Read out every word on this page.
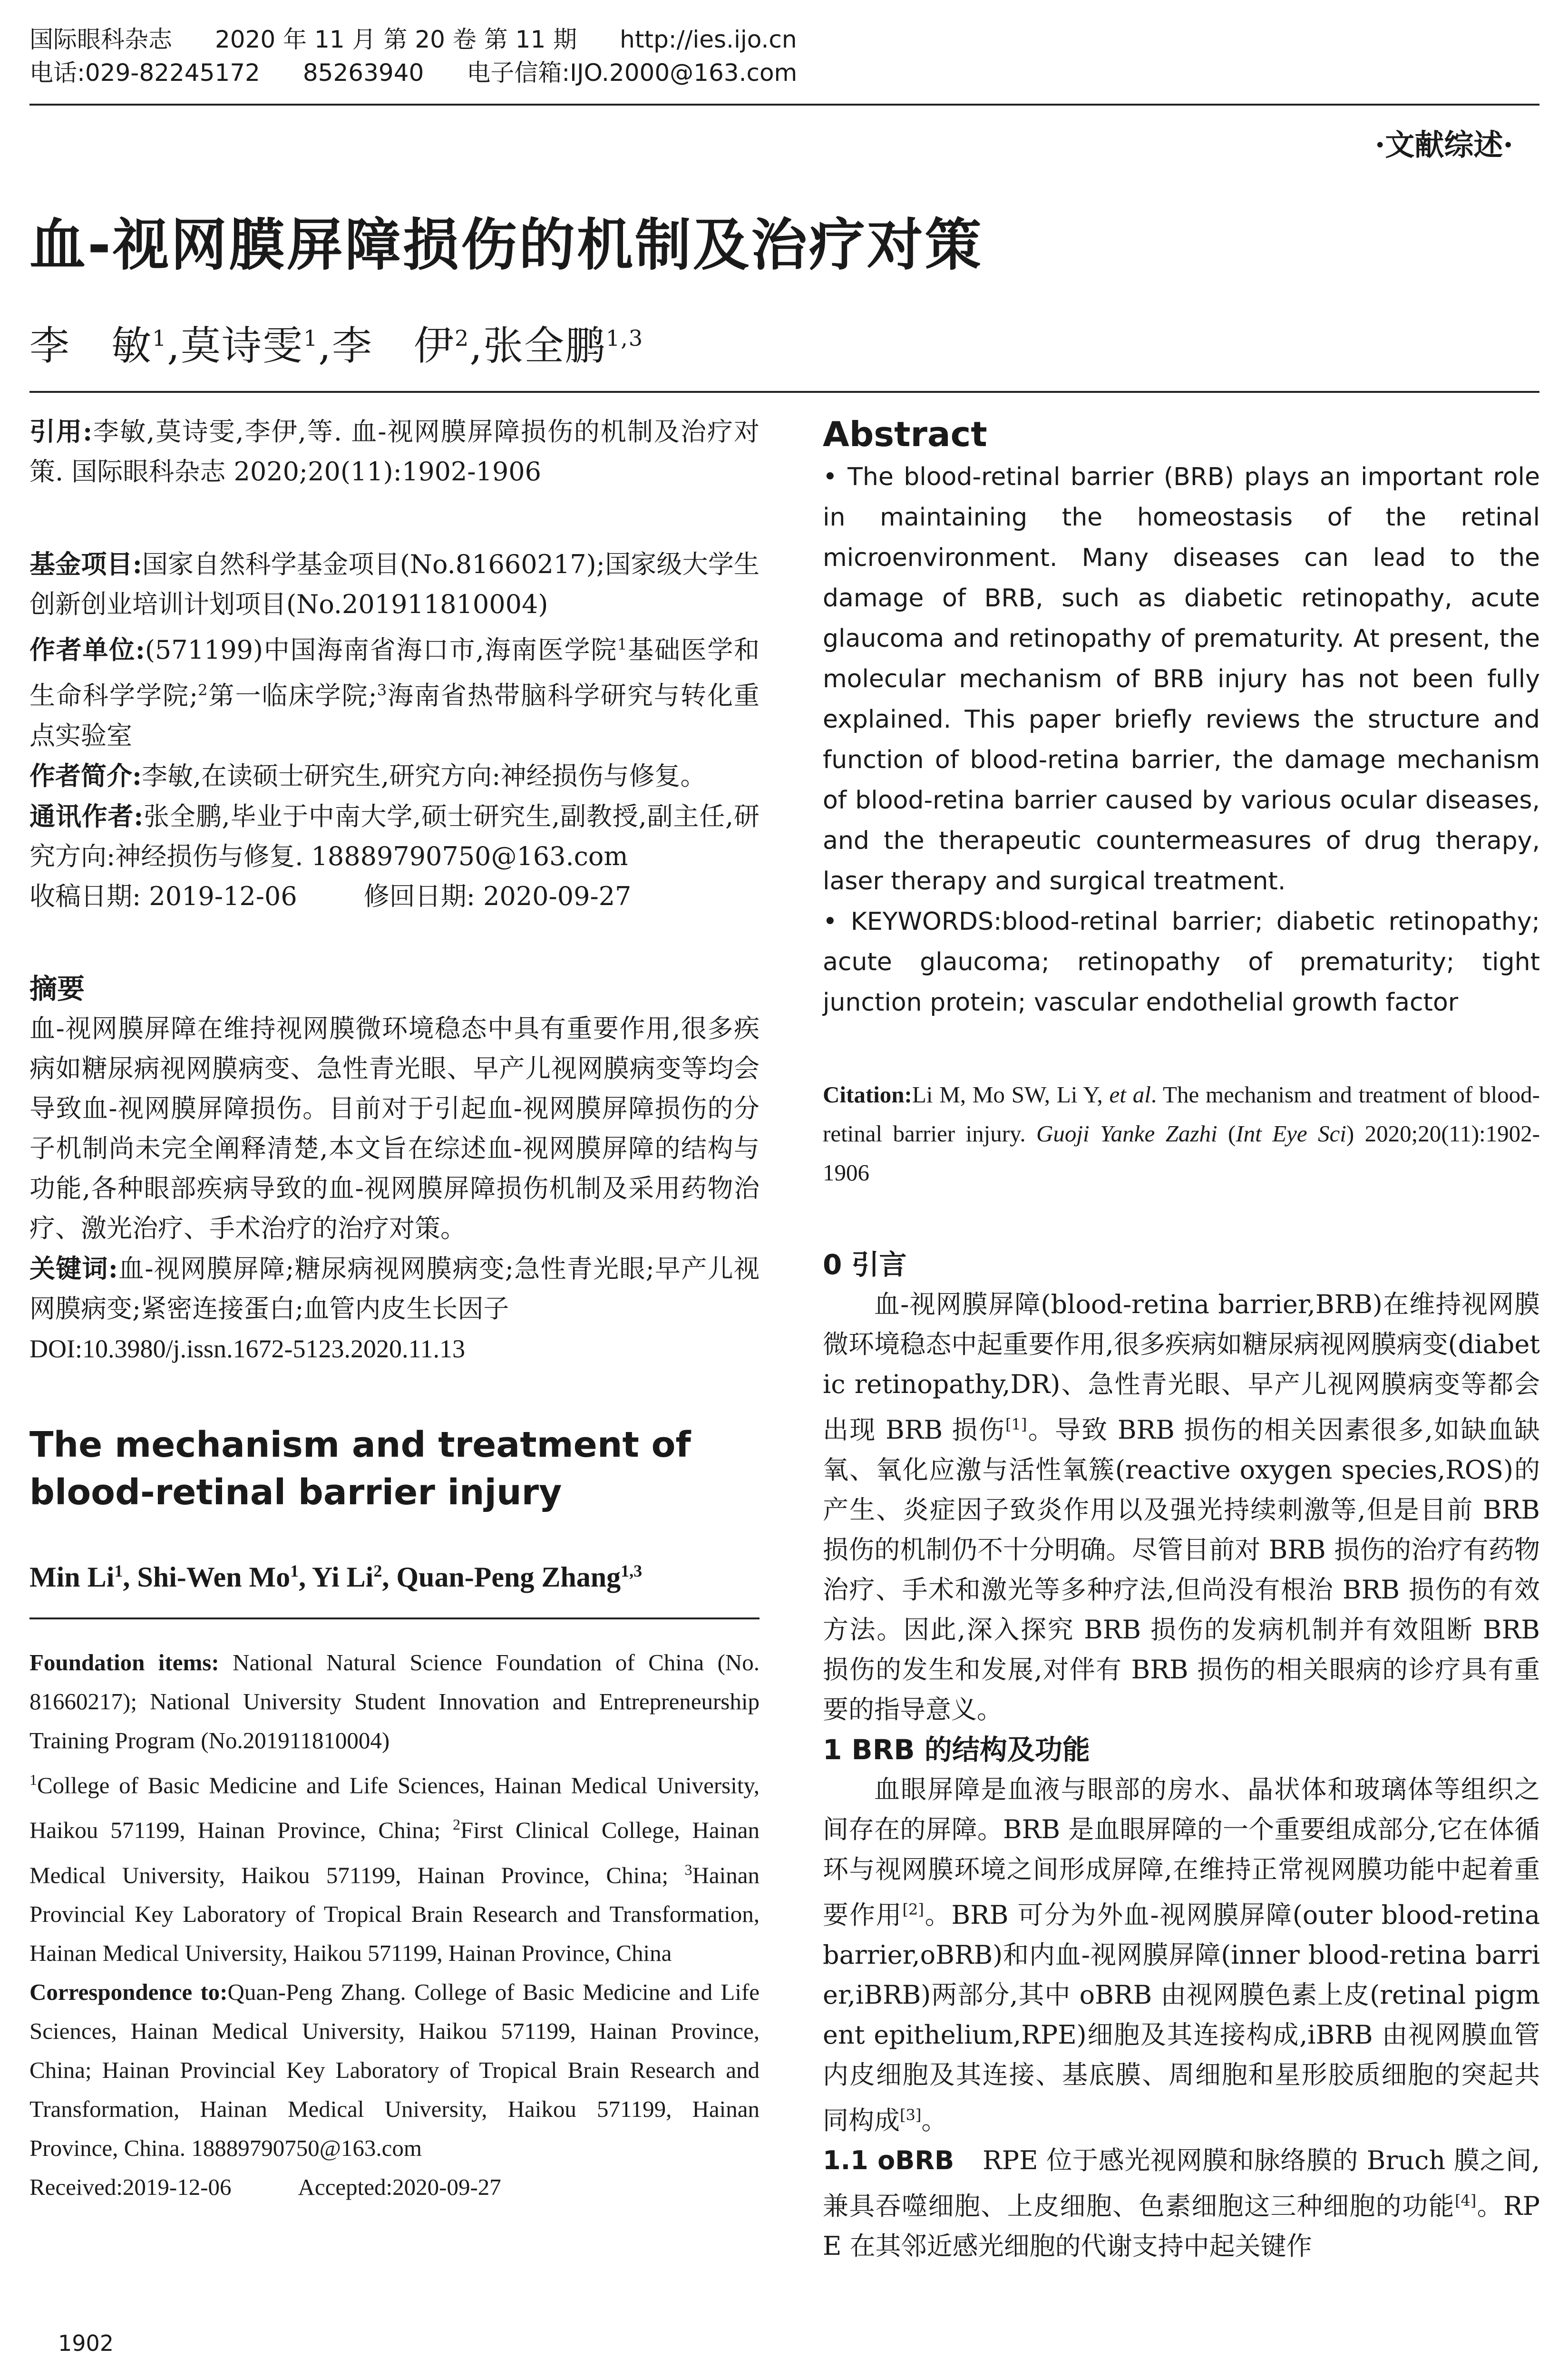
国际眼科杂志 2020 年 11 月 第 20 卷 第 11 期 http://ies.ijo.cn
电话:029-82245172 85263940 电子信箱:IJO.2000@163.com
·文献综述·
血-视网膜屏障损伤的机制及治疗对策
李　敏$^1$,莫诗雯$^1$,李　伊$^2$,张全鹏$^{1,3}$
引用:李敏,莫诗雯,李伊,等. 血-视网膜屏障损伤的机制及治疗对策. 国际眼科杂志 2020;20(11):1902-1906
基金项目:国家自然科学基金项目(No.81660217);国家级大学生创新创业培训计划项目(No.201911810004)
作者单位:(571199)中国海南省海口市,海南医学院$^1$基础医学和生命科学学院;$^2$第一临床学院;$^3$海南省热带脑科学研究与转化重点实验室
作者简介:李敏,在读硕士研究生,研究方向:神经损伤与修复。
通讯作者:张全鹏,毕业于中南大学,硕士研究生,副教授,副主任,研究方向:神经损伤与修复. 18889790750@163.com
收稿日期: 2019-12-06	修回日期: 2020-09-27
摘要
血-视网膜屏障在维持视网膜微环境稳态中具有重要作用,很多疾病如糖尿病视网膜病变、急性青光眼、早产儿视网膜病变等均会导致血-视网膜屏障损伤。目前对于引起血-视网膜屏障损伤的分子机制尚未完全阐释清楚,本文旨在综述血-视网膜屏障的结构与功能,各种眼部疾病导致的血-视网膜屏障损伤机制及采用药物治疗、激光治疗、手术治疗的治疗对策。
关键词:血-视网膜屏障;糖尿病视网膜病变;急性青光眼;早产儿视网膜病变;紧密连接蛋白;血管内皮生长因子
DOI:10.3980/j.issn.1672-5123.2020.11.13
The mechanism and treatment of blood-retinal barrier injury
Min Li$^1$, Shi-Wen Mo$^1$, Yi Li$^2$, Quan-Peng Zhang$^{1,3}$
Foundation items: National Natural Science Foundation of China (No. 81660217); National University Student Innovation and Entrepreneurship Training Program (No.201911810004)
$^1$College of Basic Medicine and Life Sciences, Hainan Medical University, Haikou 571199, Hainan Province, China; $^2$First Clinical College, Hainan Medical University, Haikou 571199, Hainan Province, China; $^3$Hainan Provincial Key Laboratory of Tropical Brain Research and Transformation, Hainan Medical University, Haikou 571199, Hainan Province, China
Correspondence to:Quan-Peng Zhang. College of Basic Medicine and Life Sciences, Hainan Medical University, Haikou 571199, Hainan Province, China; Hainan Provincial Key Laboratory of Tropical Brain Research and Transformation, Hainan Medical University, Haikou 571199, Hainan Province, China. 18889790750@163.com
Received:2019-12-06	Accepted:2020-09-27
Abstract
• The blood-retinal barrier (BRB) plays an important role in maintaining the homeostasis of the retinal microenvironment. Many diseases can lead to the damage of BRB, such as diabetic retinopathy, acute glaucoma and retinopathy of prematurity. At present, the molecular mechanism of BRB injury has not been fully explained. This paper briefly reviews the structure and function of blood-retina barrier, the damage mechanism of blood-retina barrier caused by various ocular diseases, and the therapeutic countermeasures of drug therapy, laser therapy and surgical treatment.
• KEYWORDS:blood-retinal barrier; diabetic retinopathy; acute glaucoma; retinopathy of prematurity; tight junction protein; vascular endothelial growth factor
Citation:Li M, Mo SW, Li Y, et al. The mechanism and treatment of blood-retinal barrier injury. Guoji Yanke Zazhi (Int Eye Sci) 2020;20(11):1902-1906
0 引言
血-视网膜屏障(blood-retina barrier,BRB)在维持视网膜微环境稳态中起重要作用,很多疾病如糖尿病视网膜病变(diabetic retinopathy,DR)、急性青光眼、早产儿视网膜病变等都会出现 BRB 损伤[1]。导致 BRB 损伤的相关因素很多,如缺血缺氧、氧化应激与活性氧簇(reactive oxygen species,ROS)的产生、炎症因子致炎作用以及强光持续刺激等,但是目前 BRB 损伤的机制仍不十分明确。尽管目前对 BRB 损伤的治疗有药物治疗、手术和激光等多种疗法,但尚没有根治 BRB 损伤的有效方法。因此,深入探究 BRB 损伤的发病机制并有效阻断 BRB 损伤的发生和发展,对伴有 BRB 损伤的相关眼病的诊疗具有重要的指导意义。
1 BRB 的结构及功能
血眼屏障是血液与眼部的房水、晶状体和玻璃体等组织之间存在的屏障。BRB 是血眼屏障的一个重要组成部分,它在体循环与视网膜环境之间形成屏障,在维持正常视网膜功能中起着重要作用[2]。BRB 可分为外血-视网膜屏障(outer blood-retina barrier,oBRB)和内血-视网膜屏障(inner blood-retina barrier,iBRB)两部分,其中 oBRB 由视网膜色素上皮(retinal pigment epithelium,RPE)细胞及其连接构成,iBRB 由视网膜血管内皮细胞及其连接、基底膜、周细胞和星形胶质细胞的突起共同构成[3]。
1.1 oBRB RPE 位于感光视网膜和脉络膜的 Bruch 膜之间,兼具吞噬细胞、上皮细胞、色素细胞这三种细胞的功能[4]。RPE 在其邻近感光细胞的代谢支持中起关键作
1902
